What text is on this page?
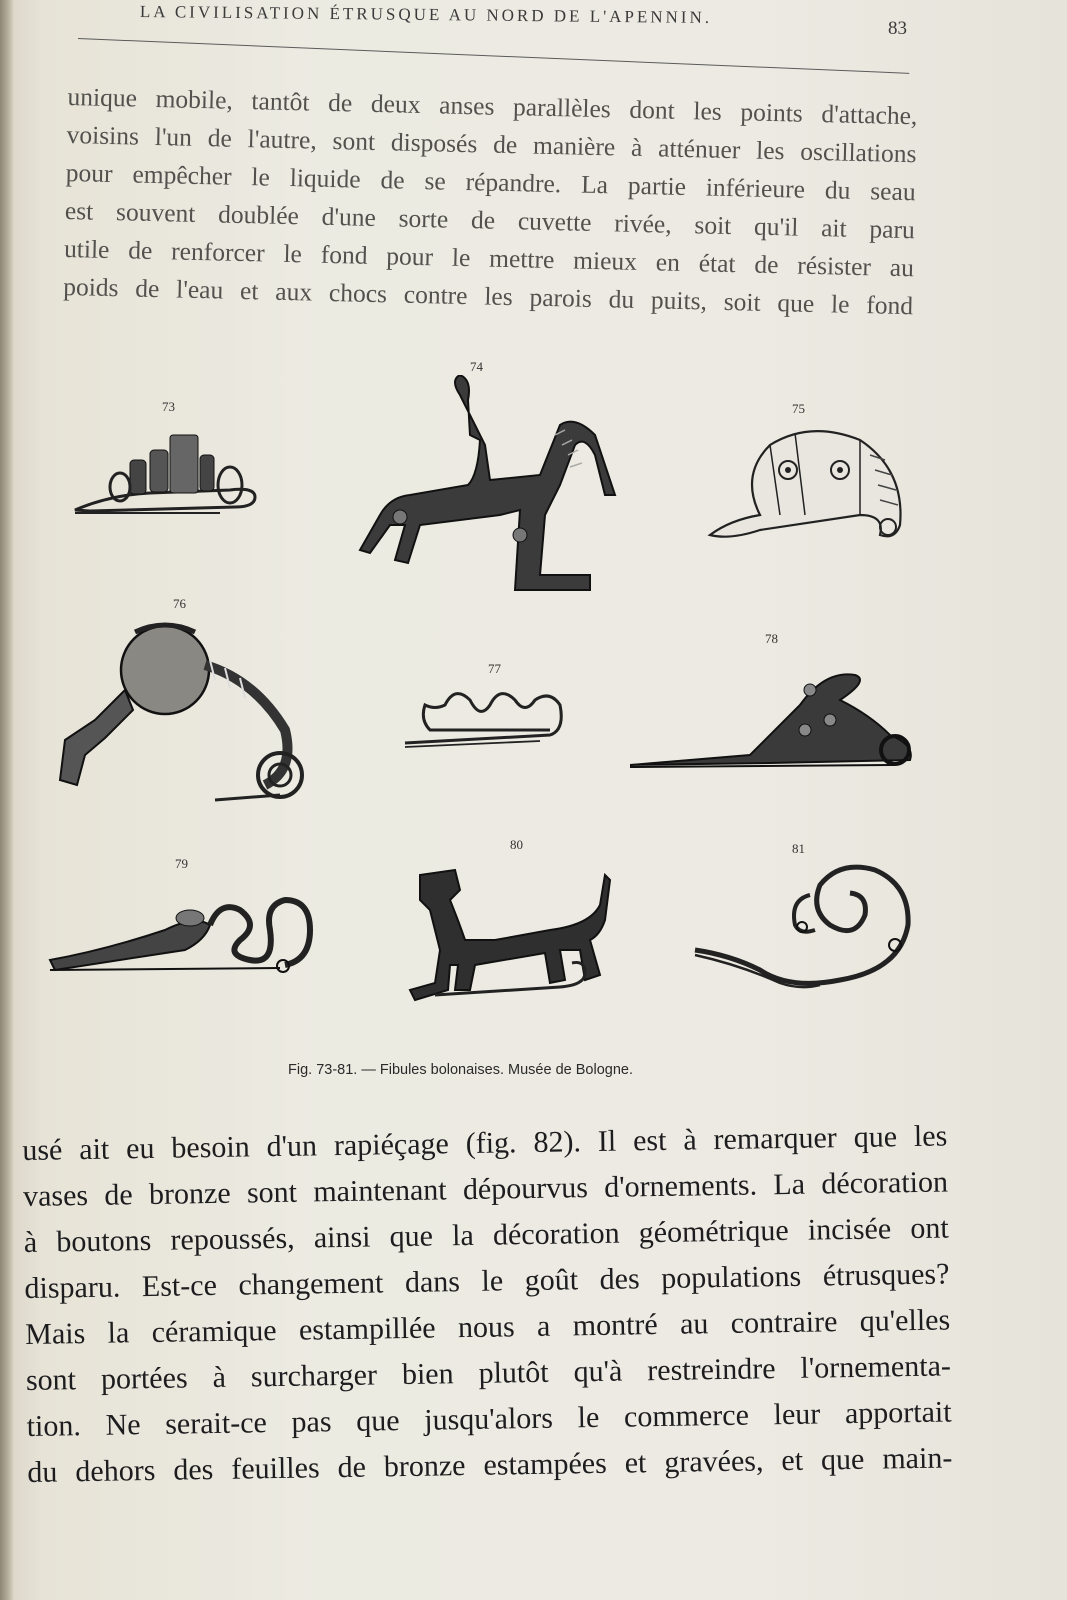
LA CIVILISATION ÉTRUSQUE AU NORD DE L'APENNIN.
83
unique mobile, tantôt de deux anses parallèles dont les points d'attache,
voisins l'un de l'autre, sont disposés de manière à atténuer les oscillations
pour empêcher le liquide de se répandre. La partie inférieure du seau
est souvent doublée d'une sorte de cuvette rivée, soit qu'il ait paru
utile de renforcer le fond pour le mettre mieux en état de résister au
poids de l'eau et aux chocs contre les parois du puits, soit que le fond
73
74
75
76
77
78
79
80	81
Fig. 73-81. — Fibules bolonaises. Musée de Bologne.
usé ait eu besoin d'un rapiéçage (fig. 82). Il est à remarquer que les
vases de bronze sont maintenant dépourvus d'ornements. La décoration
à boutons repoussés, ainsi que la décoration géométrique incisée ont
disparu. Est-ce changement dans le goût des populations étrusques?
Mais la céramique estampillée nous a montré au contraire qu'elles
sont portées à surcharger bien plutôt qu'à restreindre l'ornementa-
tion. Ne serait-ce pas que jusqu'alors le commerce leur apportait
du dehors des feuilles de bronze estampées et gravées, et que main-
